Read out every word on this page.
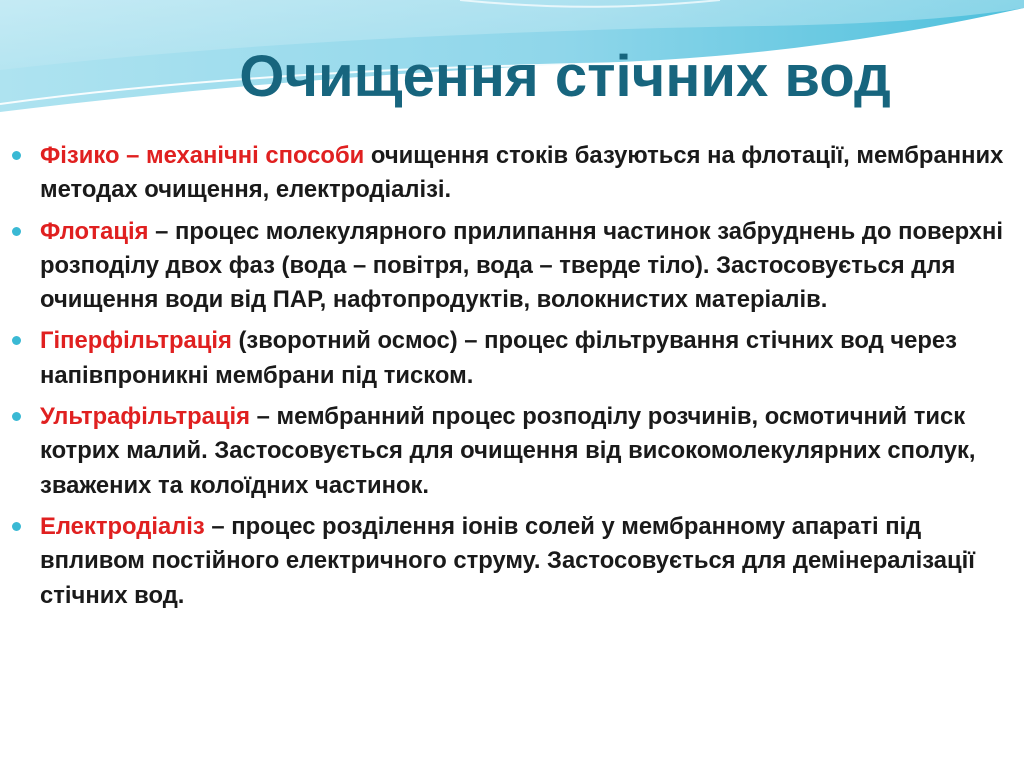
Очищення стічних вод
Фізико – механічні способи очищення стоків базуються на флотації, мембранних методах очищення, електродіалізі.
Флотація – процес молекулярного прилипання частинок забруднень до поверхні розподілу двох фаз (вода – повітря, вода – тверде тіло). Застосовується для очищення води від ПАР, нафтопродуктів, волокнистих матеріалів.
Гіперфільтрація (зворотний осмос) – процес фільтрування стічних вод через напівпроникні мембрани під тиском.
Ультрафільтрація – мембранний процес розподілу розчинів, осмотичний тиск котрих малий. Застосовується для очищення від високомолекулярних сполук, зважених та колоїдних частинок.
Електродіаліз – процес розділення іонів солей у мембранному апараті під впливом постійного електричного струму. Застосовується для демінералізації стічних вод.
